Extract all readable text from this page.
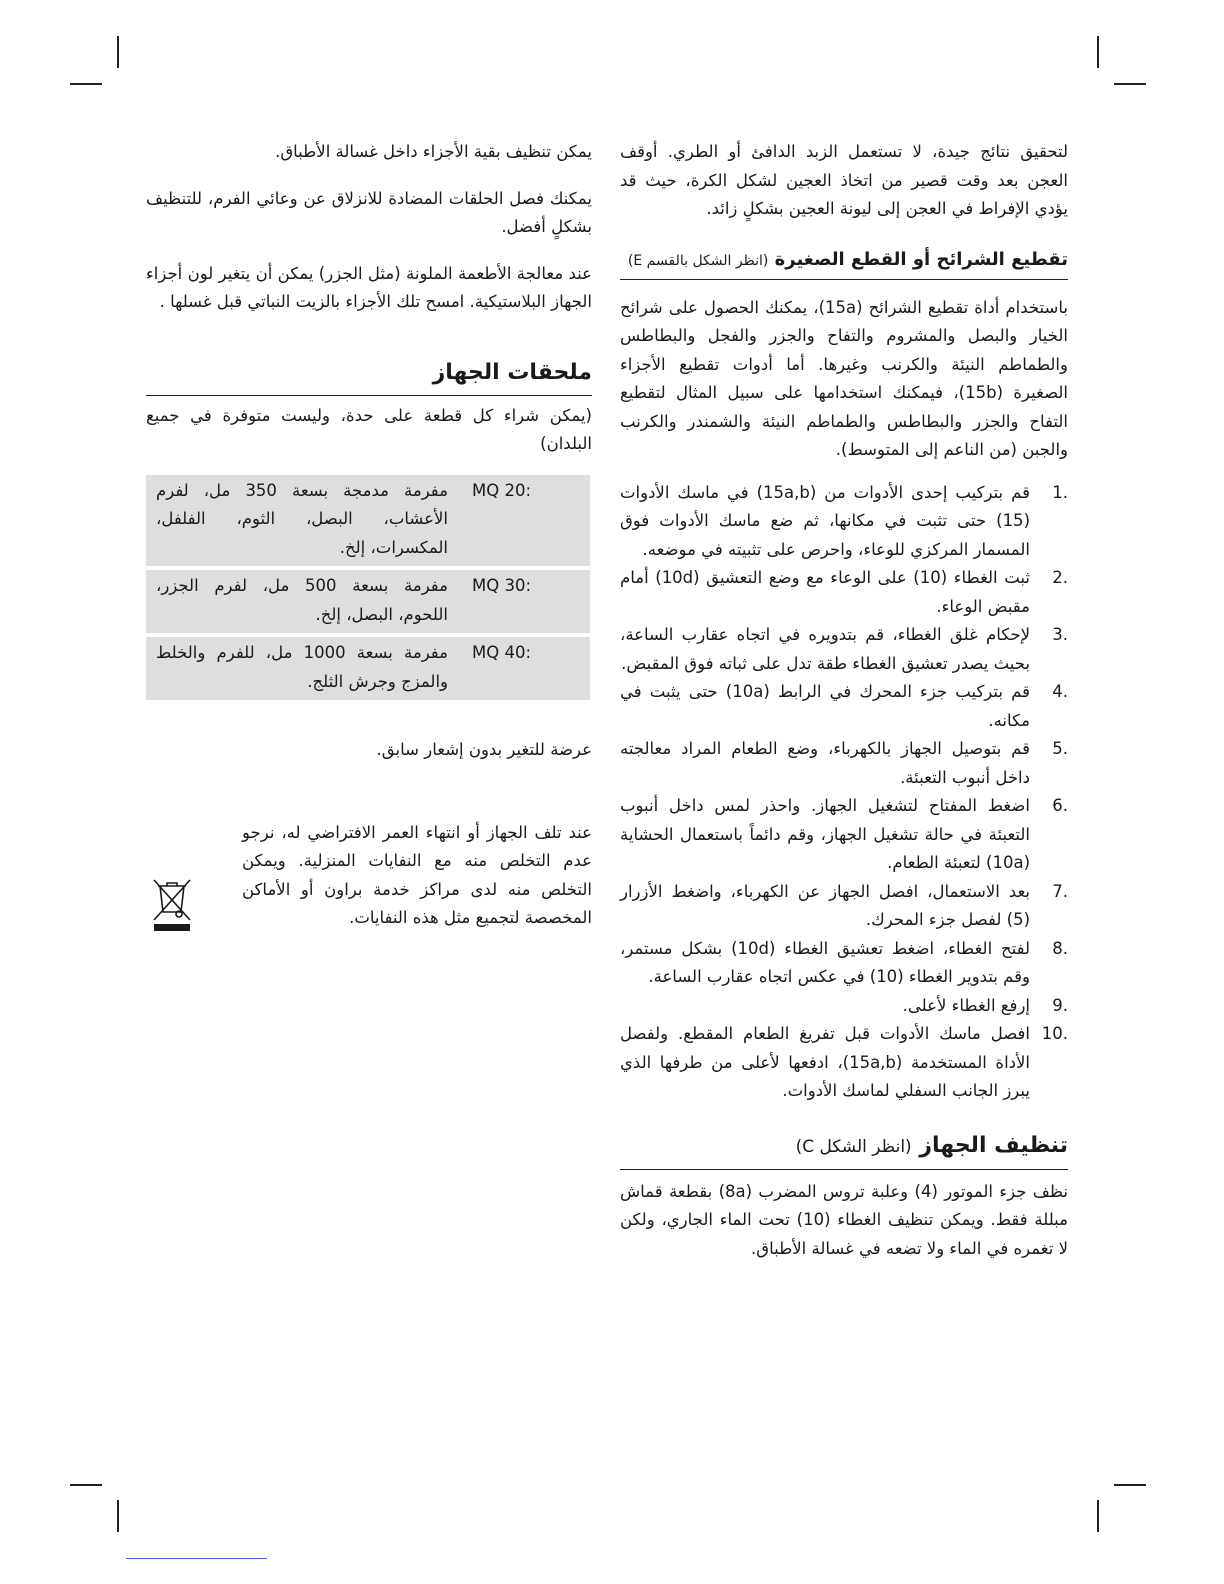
لتحقيق نتائج جيدة، لا تستعمل الزبد الدافئ أو الطري. أوقف العجن بعد وقت قصير من اتخاذ العجين لشكل الكرة، حيث قد يؤدي الإفراط في العجن إلى ليونة العجين بشكلٍ زائد.

تقطيع الشرائح أو القطع الصغيرة (انظر الشكل بالقسم E)

باستخدام أداة تقطيع الشرائح (15a)، يمكنك الحصول على شرائح الخيار والبصل والمشروم والتفاح والجزر والفجل والبطاطس والطماطم النيئة والكرنب وغيرها. أما أدوات تقطيع الأجزاء الصغيرة (15b)، فيمكنك استخدامها على سبيل المثال لتقطيع التفاح والجزر والبطاطس والطماطم النيئة والشمندر والكرنب والجبن (من الناعم إلى المتوسط).

1.
قم بتركيب إحدى الأدوات من (15a,b) في ماسك الأدوات (15) حتى تثبت في مكانها، ثم ضع ماسك الأدوات فوق المسمار المركزي للوعاء، واحرص على تثبيته في موضعه.
2.
ثبت الغطاء (10) على الوعاء مع وضع التعشيق (10d) أمام مقبض الوعاء.
3.
لإحكام غلق الغطاء، قم بتدويره في اتجاه عقارب الساعة، بحيث يصدر تعشيق الغطاء طقة تدل على ثباته فوق المقبض.
4.
قم بتركيب جزء المحرك في الرابط (10a) حتى يثبت في مكانه.
5.
قم بتوصيل الجهاز بالكهرباء، وضع الطعام المراد معالجته داخل أنبوب التعبئة.
6.
اضغط المفتاح لتشغيل الجهاز. واحذر لمس داخل أنبوب التعبئة في حالة تشغيل الجهاز، وقم دائماً باستعمال الحشاية (10a) لتعبئة الطعام.
7.
بعد الاستعمال، افصل الجهاز عن الكهرباء، واضغط الأزرار (5) لفصل جزء المحرك.
8.
لفتح الغطاء، اضغط تعشيق الغطاء (10d) بشكل مستمر، وقم بتدوير الغطاء (10) في عكس اتجاه عقارب الساعة.
9.
إرفع الغطاء لأعلى.
10.
افصل ماسك الأدوات قبل تفريغ الطعام المقطع. ولفصل الأداة المستخدمة (15a,b)، ادفعها لأعلى من طرفها الذي يبرز الجانب السفلي لماسك الأدوات.
تنظيف الجهاز (انظر الشكل C)

نظف جزء الموتور (4) وعلبة تروس المضرب (8a) بقطعة قماش مبللة فقط. ويمكن تنظيف الغطاء (10) تحت الماء الجاري، ولكن لا تغمره في الماء ولا تضعه في غسالة الأطباق.

يمكن تنظيف بقية الأجزاء داخل غسالة الأطباق.

يمكنك فصل الحلقات المضادة للانزلاق عن وعائي الفرم، للتنظيف بشكلٍ أفضل.

عند معالجة الأطعمة الملونة (مثل الجزر) يمكن أن يتغير لون أجزاء الجهاز البلاستيكية. امسح تلك الأجزاء بالزيت النباتي قبل غسلها .

ملحقات الجهاز

(يمكن شراء كل قطعة على حدة، وليست متوفرة في جميع البلدان)

MQ 20:	مفرمة مدمجة بسعة 350 مل، لفرم الأعشاب، البصل، الثوم، الفلفل، المكسرات، إلخ.
MQ 30:	مفرمة بسعة 500 مل، لفرم الجزر، اللحوم، البصل، إلخ.
MQ 40:	مفرمة بسعة 1000 مل، للفرم والخلط والمزج وجرش الثلج.

عرضة للتغير بدون إشعار سابق.

عند تلف الجهاز أو انتهاء العمر الافتراضي له، نرجو عدم التخلص منه مع النفايات المنزلية. ويمكن التخلص منه لدى مراكز خدمة براون أو الأماكن المخصصة لتجميع مثل هذه النفايات.
